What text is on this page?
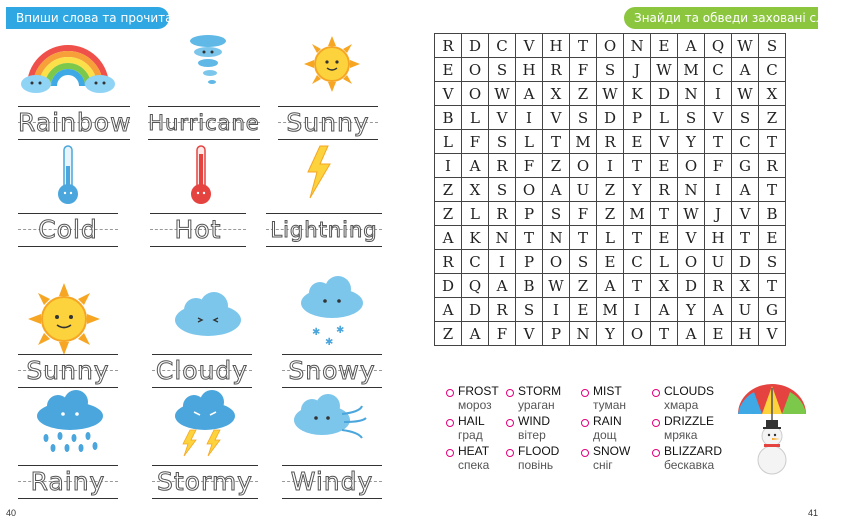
Впиши слова та прочитай.	Знайди та обведи заховані слова.
Rainbow Hurricane	Sunny
Cold	Hot	Lightning
✱ ✱
✱
Sunny	Cloudy Snowy
Rainy	Stormy	Windy
40
R	D	C	V	H	T	O	N	E	A	Q	W	S
E	O	S	H	R	F	S	J	W	M	C	A	C
V	O	W	A	X	Z	W	K	D	N	I	W	X
B	L	V	I	V	S	D	P	L	S	V	S	Z
L	F	S	L	T	M	R	E	V	Y	T	C	T
I	A	R	F	Z	O	I	T	E	O	F	G	R
Z	X	S	O	A	U	Z	Y	R	N	I	A	T
Z	L	R	P	S	F	Z	M	T	W	J	V	B
A	K	N	T	N	T	L	T	E	V	H	T	E
R	C	I	P	O	S	E	C	L	O	U	D	S
D	Q	A	B	W	Z	A	T	X	D	R	X	T
A	D	R	S	I	E	M	I	A	Y	A	U	G
Z	A	F	V	P	N	Y	O	T	A	E	H	V
FROST
мороз
STORM
ураган
MIST
туман
CLOUDS
хмара
HAIL
град
WIND
вітер
RAIN
дощ
DRIZZLE
мряка
HEAT
спека
FLOOD
повінь
SNOW
сніг
BLIZZARD
бескавка
41
